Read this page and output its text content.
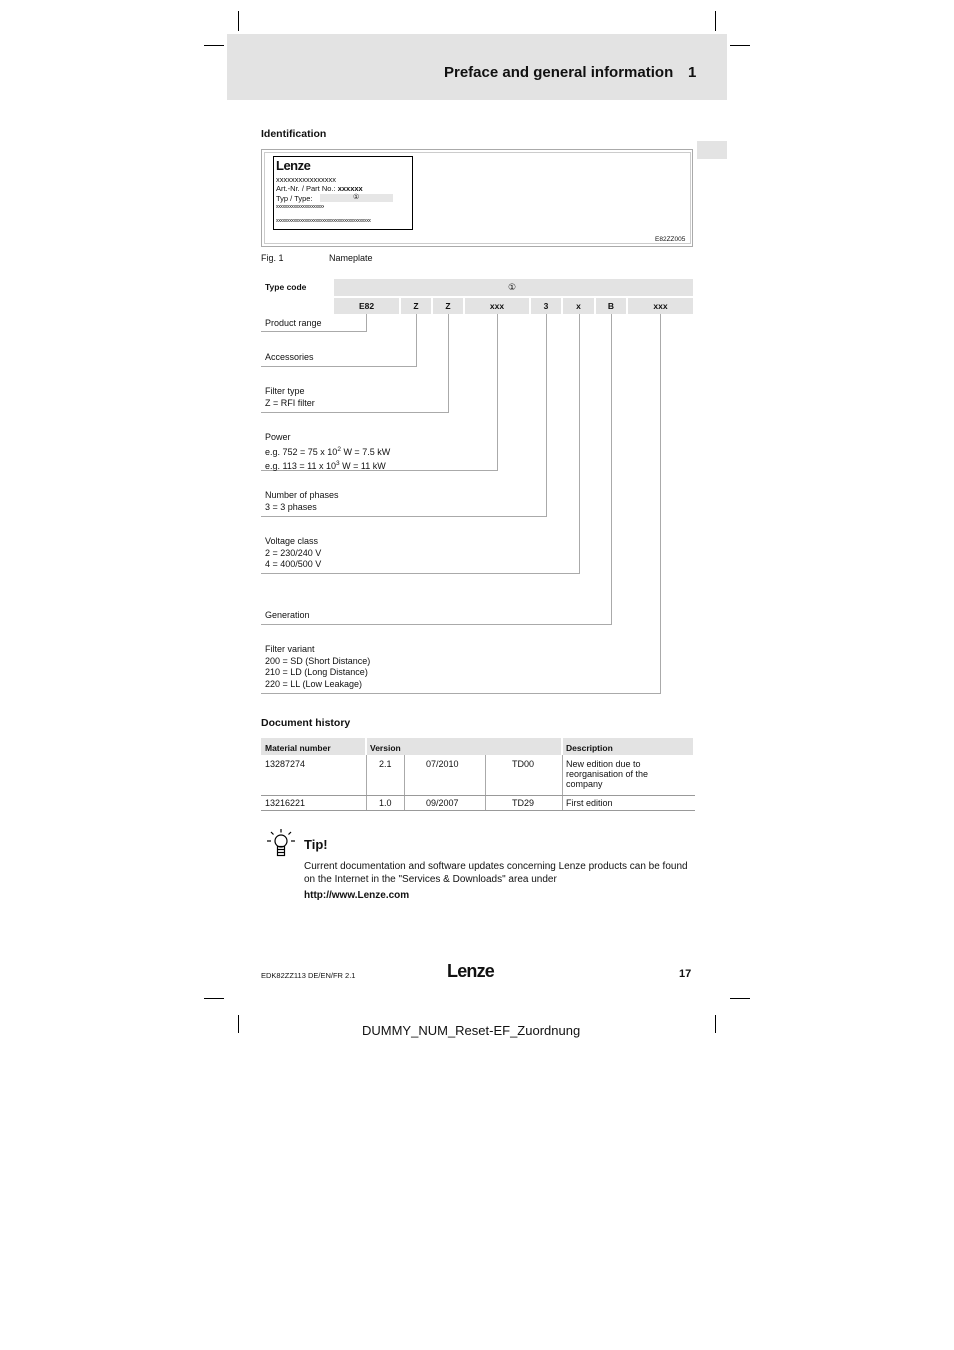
Preface and general information 1
Identification
Lenze
xxxxxxxxxxxxxxxx
Art.-Nr. / Part No.: xxxxxx
Typ / Type:	①
xxxxxxxxxxxxxxxxxxxxxx
xxxxxxxxxxxxxxxxxxxxxxxxxxxxxxxxxxxxxxxxxxx
E82ZZ005
Fig. 1	Nameplate
Type code	①
E82	Z	Z	xxx	3	x	B	xxx
Product range
Accessories
Filter type
Z = RFI filter
Power
e.g. 752 = 75 x $10^2$ W = 7.5 kW
e.g. 113 = 11 x $10^3$ W = 11 kW
Number of phases
3 = 3 phases
Voltage class
2 = 230/240 V
4 = 400/500 V
Generation
Filter variant
200 = SD (Short Distance)
210 = LD (Long Distance)
220 = LL (Low Leakage)
Document history
Material number	Version	Description
13287274	2.1	07/2010	TD00	New edition due to reorganisation of the company
13216221	1.0	09/2007	TD29	First edition
Tip!
Current documentation and software updates concerning Lenze products can be found on the Internet in the "Services & Downloads" area under
http://www.Lenze.com
EDK82ZZ113 DE/EN/FR 2.1	Lenze	17
DUMMY_NUM_Reset-EF_Zuordnung
